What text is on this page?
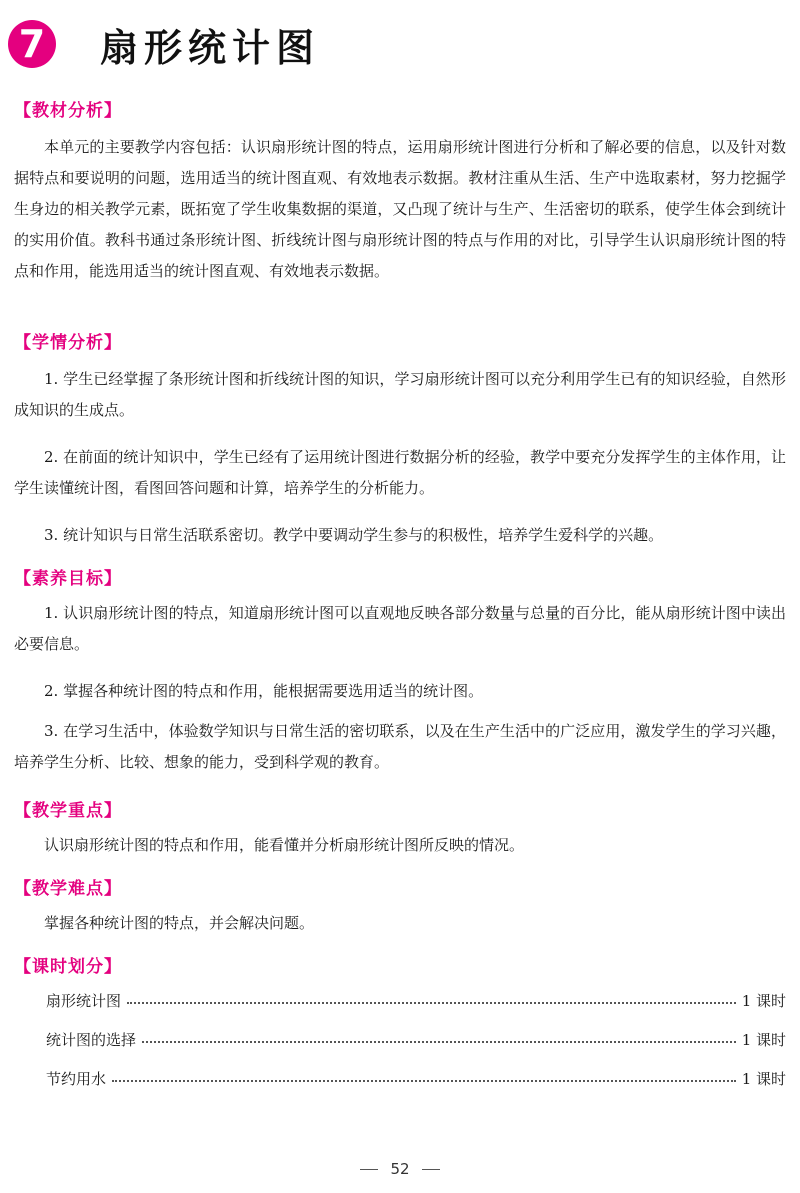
7 扇形统计图
【教材分析】

本单元的主要教学内容包括：认识扇形统计图的特点，运用扇形统计图进行分析和了解必要的信息，以及针对数据特点和要说明的问题，选用适当的统计图直观、有效地表示数据。教材注重从生活、生产中选取素材，努力挖掘学生身边的相关教学元素，既拓宽了学生收集数据的渠道，又凸现了统计与生产、生活密切的联系，使学生体会到统计的实用价值。教科书通过条形统计图、折线统计图与扇形统计图的特点与作用的对比，引导学生认识扇形统计图的特点和作用，能选用适当的统计图直观、有效地表示数据。

【学情分析】

1. 学生已经掌握了条形统计图和折线统计图的知识，学习扇形统计图可以充分利用学生已有的知识经验，自然形成知识的生成点。

2. 在前面的统计知识中，学生已经有了运用统计图进行数据分析的经验，教学中要充分发挥学生的主体作用，让学生读懂统计图，看图回答问题和计算，培养学生的分析能力。

3. 统计知识与日常生活联系密切。教学中要调动学生参与的积极性，培养学生爱科学的兴趣。

【素养目标】

1. 认识扇形统计图的特点，知道扇形统计图可以直观地反映各部分数量与总量的百分比，能从扇形统计图中读出必要信息。

2. 掌握各种统计图的特点和作用，能根据需要选用适当的统计图。

3. 在学习生活中，体验数学知识与日常生活的密切联系，以及在生产生活中的广泛应用，激发学生的学习兴趣，培养学生分析、比较、想象的能力，受到科学观的教育。

【教学重点】

认识扇形统计图的特点和作用，能看懂并分析扇形统计图所反映的情况。

【教学难点】

掌握各种统计图的特点，并会解决问题。

【课时划分】
扇形统计图	1 课时
统计图的选择	1 课时
节约用水	1 课时
52
